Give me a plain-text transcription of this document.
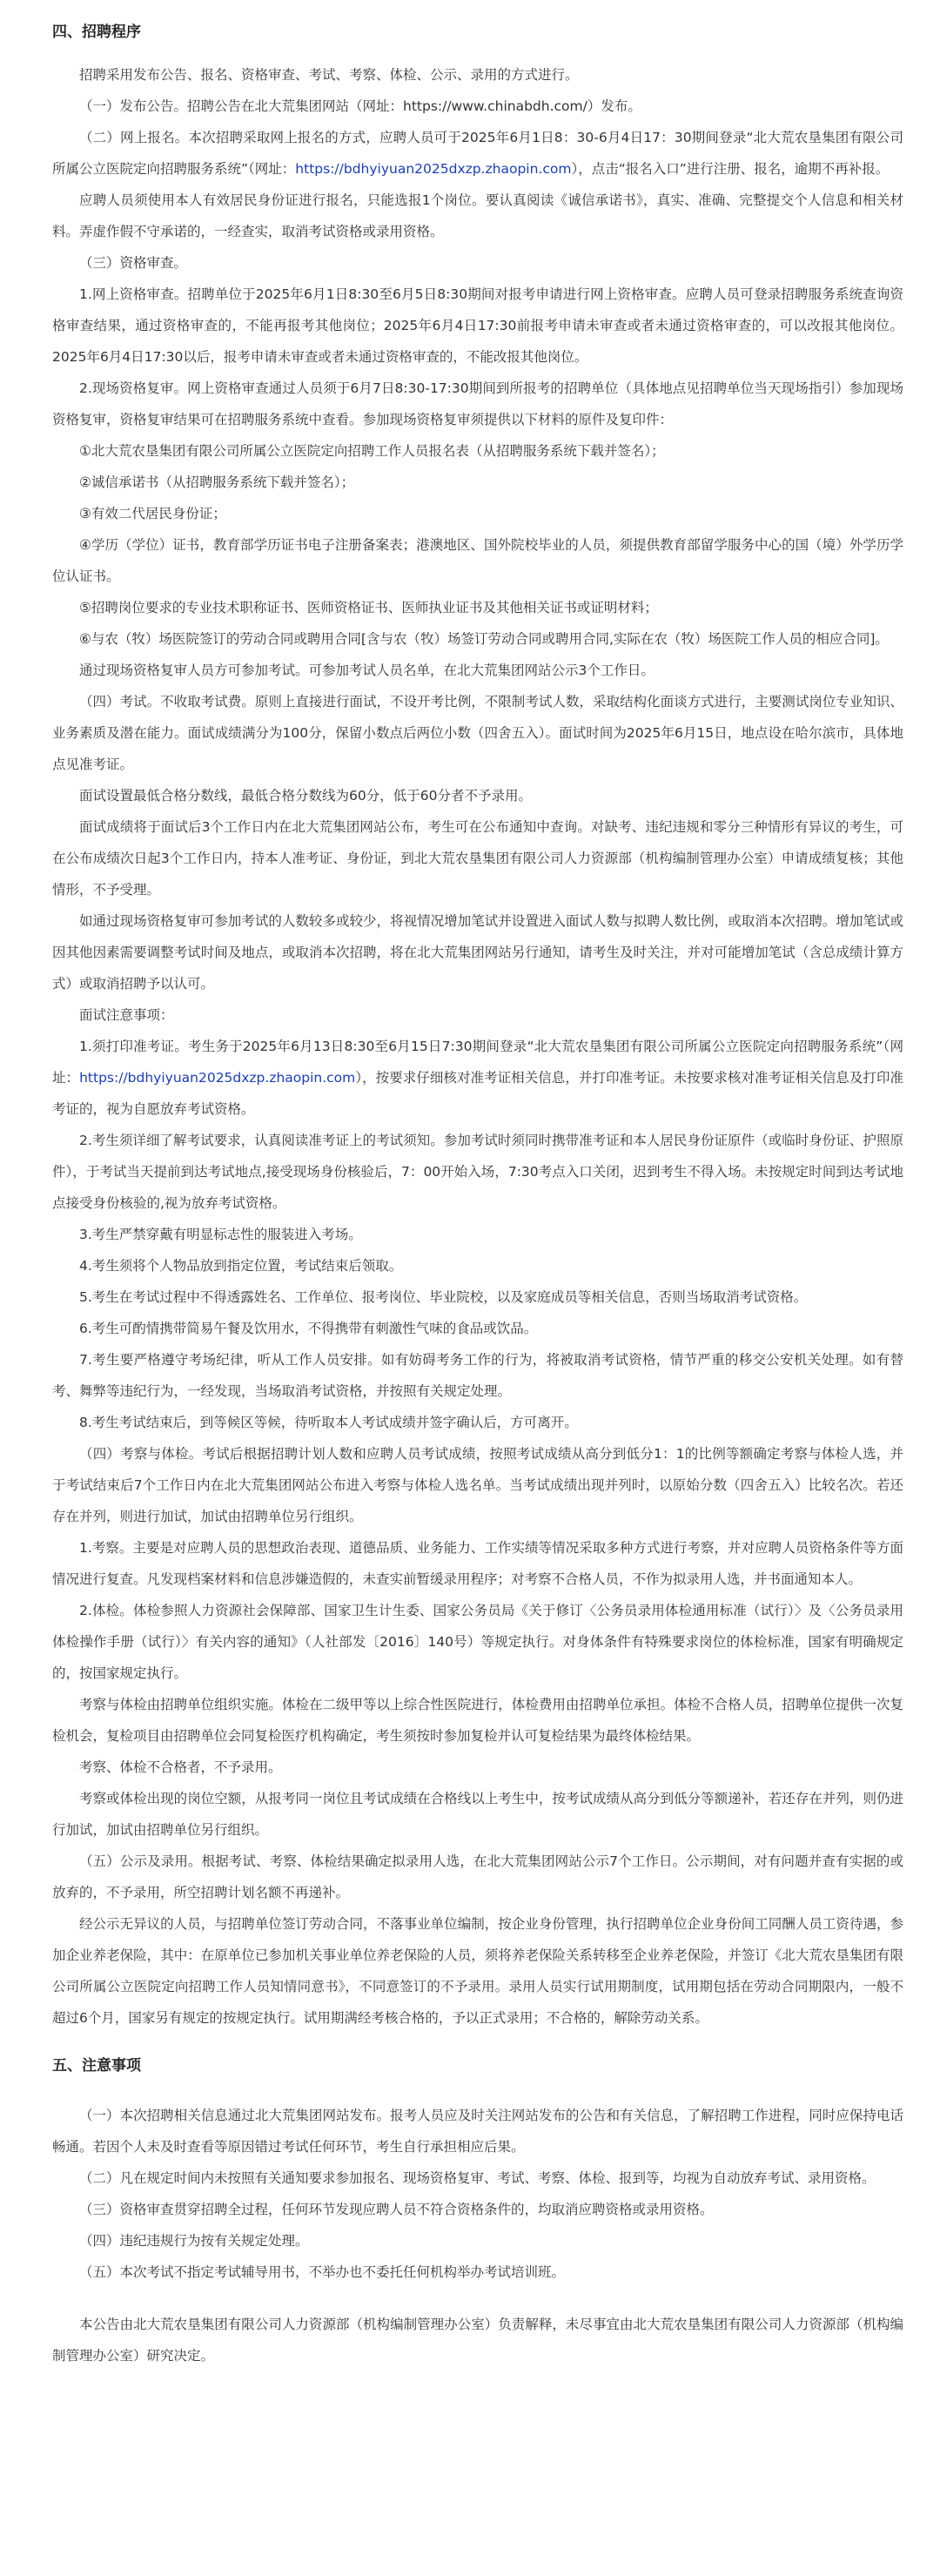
四、招聘程序

招聘采用发布公告、报名、资格审查、考试、考察、体检、公示、录用的方式进行。

（一）发布公告。招聘公告在北大荒集团网站（网址：https://www.chinabdh.com/）发布。

（二）网上报名。本次招聘采取网上报名的方式，应聘人员可于2025年6月1日8：30-6月4日17：30期间登录“北大荒农垦集团有限公司所属公立医院定向招聘服务系统”（网址：https://bdhyiyuan2025dxzp.zhaopin.com），点击“报名入口”进行注册、报名，逾期不再补报。

应聘人员须使用本人有效居民身份证进行报名，只能选报1个岗位。要认真阅读《诚信承诺书》，真实、准确、完整提交个人信息和相关材料。弄虚作假不守承诺的，一经查实，取消考试资格或录用资格。

（三）资格审查。

1.网上资格审查。招聘单位于2025年6月1日8:30至6月5日8:30期间对报考申请进行网上资格审查。应聘人员可登录招聘服务系统查询资格审查结果，通过资格审查的，不能再报考其他岗位；2025年6月4日17:30前报考申请未审查或者未通过资格审查的，可以改报其他岗位。2025年6月4日17:30以后，报考申请未审查或者未通过资格审查的，不能改报其他岗位。

2.现场资格复审。网上资格审查通过人员须于6月7日8:30-17:30期间到所报考的招聘单位（具体地点见招聘单位当天现场指引）参加现场资格复审，资格复审结果可在招聘服务系统中查看。参加现场资格复审须提供以下材料的原件及复印件：

①北大荒农垦集团有限公司所属公立医院定向招聘工作人员报名表（从招聘服务系统下载并签名）；

②诚信承诺书（从招聘服务系统下载并签名）；

③有效二代居民身份证；

④学历（学位）证书，教育部学历证书电子注册备案表；港澳地区、国外院校毕业的人员，须提供教育部留学服务中心的国（境）外学历学位认证书。

⑤招聘岗位要求的专业技术职称证书、医师资格证书、医师执业证书及其他相关证书或证明材料；

⑥与农（牧）场医院签订的劳动合同或聘用合同[含与农（牧）场签订劳动合同或聘用合同,实际在农（牧）场医院工作人员的相应合同]。

通过现场资格复审人员方可参加考试。可参加考试人员名单，在北大荒集团网站公示3个工作日。

（四）考试。不收取考试费。原则上直接进行面试，不设开考比例，不限制考试人数，采取结构化面谈方式进行，主要测试岗位专业知识、业务素质及潜在能力。面试成绩满分为100分，保留小数点后两位小数（四舍五入）。面试时间为2025年6月15日，地点设在哈尔滨市，具体地点见准考证。

面试设置最低合格分数线，最低合格分数线为60分，低于60分者不予录用。

面试成绩将于面试后3个工作日内在北大荒集团网站公布，考生可在公布通知中查询。对缺考、违纪违规和零分三种情形有异议的考生，可在公布成绩次日起3个工作日内，持本人准考证、身份证，到北大荒农垦集团有限公司人力资源部（机构编制管理办公室）申请成绩复核；其他情形，不予受理。

如通过现场资格复审可参加考试的人数较多或较少，将视情况增加笔试并设置进入面试人数与拟聘人数比例，或取消本次招聘。增加笔试或因其他因素需要调整考试时间及地点，或取消本次招聘，将在北大荒集团网站另行通知，请考生及时关注，并对可能增加笔试（含总成绩计算方式）或取消招聘予以认可。

面试注意事项：

1.须打印准考证。考生务于2025年6月13日8:30至6月15日7:30期间登录“北大荒农垦集团有限公司所属公立医院定向招聘服务系统”（网址：https://bdhyiyuan2025dxzp.zhaopin.com），按要求仔细核对准考证相关信息，并打印准考证。未按要求核对准考证相关信息及打印准考证的，视为自愿放弃考试资格。

2.考生须详细了解考试要求，认真阅读准考证上的考试须知。参加考试时须同时携带准考证和本人居民身份证原件（或临时身份证、护照原件），于考试当天提前到达考试地点,接受现场身份核验后，7：00开始入场，7:30考点入口关闭，迟到考生不得入场。未按规定时间到达考试地点接受身份核验的,视为放弃考试资格。

3.考生严禁穿戴有明显标志性的服装进入考场。

4.考生须将个人物品放到指定位置，考试结束后领取。

5.考生在考试过程中不得透露姓名、工作单位、报考岗位、毕业院校，以及家庭成员等相关信息，否则当场取消考试资格。

6.考生可酌情携带简易午餐及饮用水，不得携带有刺激性气味的食品或饮品。

7.考生要严格遵守考场纪律，听从工作人员安排。如有妨碍考务工作的行为，将被取消考试资格，情节严重的移交公安机关处理。如有替考、舞弊等违纪行为，一经发现，当场取消考试资格，并按照有关规定处理。

8.考生考试结束后，到等候区等候，待听取本人考试成绩并签字确认后，方可离开。

（四）考察与体检。考试后根据招聘计划人数和应聘人员考试成绩，按照考试成绩从高分到低分1：1的比例等额确定考察与体检人选，并于考试结束后7个工作日内在北大荒集团网站公布进入考察与体检人选名单。当考试成绩出现并列时，以原始分数（四舍五入）比较名次。若还存在并列，则进行加试，加试由招聘单位另行组织。

1.考察。主要是对应聘人员的思想政治表现、道德品质、业务能力、工作实绩等情况采取多种方式进行考察，并对应聘人员资格条件等方面情况进行复查。凡发现档案材料和信息涉嫌造假的，未查实前暂缓录用程序；对考察不合格人员，不作为拟录用人选，并书面通知本人。

2.体检。体检参照人力资源社会保障部、国家卫生计生委、国家公务员局《关于修订〈公务员录用体检通用标准（试行）〉及〈公务员录用体检操作手册（试行）〉有关内容的通知》（人社部发〔2016〕140号）等规定执行。对身体条件有特殊要求岗位的体检标准，国家有明确规定的，按国家规定执行。

考察与体检由招聘单位组织实施。体检在二级甲等以上综合性医院进行，体检费用由招聘单位承担。体检不合格人员，招聘单位提供一次复检机会，复检项目由招聘单位会同复检医疗机构确定，考生须按时参加复检并认可复检结果为最终体检结果。

考察、体检不合格者，不予录用。

考察或体检出现的岗位空额，从报考同一岗位且考试成绩在合格线以上考生中，按考试成绩从高分到低分等额递补，若还存在并列，则仍进行加试，加试由招聘单位另行组织。

（五）公示及录用。根据考试、考察、体检结果确定拟录用人选，在北大荒集团网站公示7个工作日。公示期间，对有问题并查有实据的或放弃的，不予录用，所空招聘计划名额不再递补。

经公示无异议的人员，与招聘单位签订劳动合同，不落事业单位编制，按企业身份管理，执行招聘单位企业身份间工同酬人员工资待遇，参加企业养老保险，其中：在原单位已参加机关事业单位养老保险的人员，须将养老保险关系转移至企业养老保险，并签订《北大荒农垦集团有限公司所属公立医院定向招聘工作人员知情同意书》，不同意签订的不予录用。录用人员实行试用期制度，试用期包括在劳动合同期限内，一般不超过6个月，国家另有规定的按规定执行。试用期满经考核合格的，予以正式录用；不合格的，解除劳动关系。

五、注意事项

（一）本次招聘相关信息通过北大荒集团网站发布。报考人员应及时关注网站发布的公告和有关信息，了解招聘工作进程，同时应保持电话畅通。若因个人未及时查看等原因错过考试任何环节，考生自行承担相应后果。

（二）凡在规定时间内未按照有关通知要求参加报名、现场资格复审、考试、考察、体检、报到等，均视为自动放弃考试、录用资格。

（三）资格审查贯穿招聘全过程，任何环节发现应聘人员不符合资格条件的，均取消应聘资格或录用资格。

（四）违纪违规行为按有关规定处理。

（五）本次考试不指定考试辅导用书，不举办也不委托任何机构举办考试培训班。

本公告由北大荒农垦集团有限公司人力资源部（机构编制管理办公室）负责解释，未尽事宜由北大荒农垦集团有限公司人力资源部（机构编制管理办公室）研究决定。
